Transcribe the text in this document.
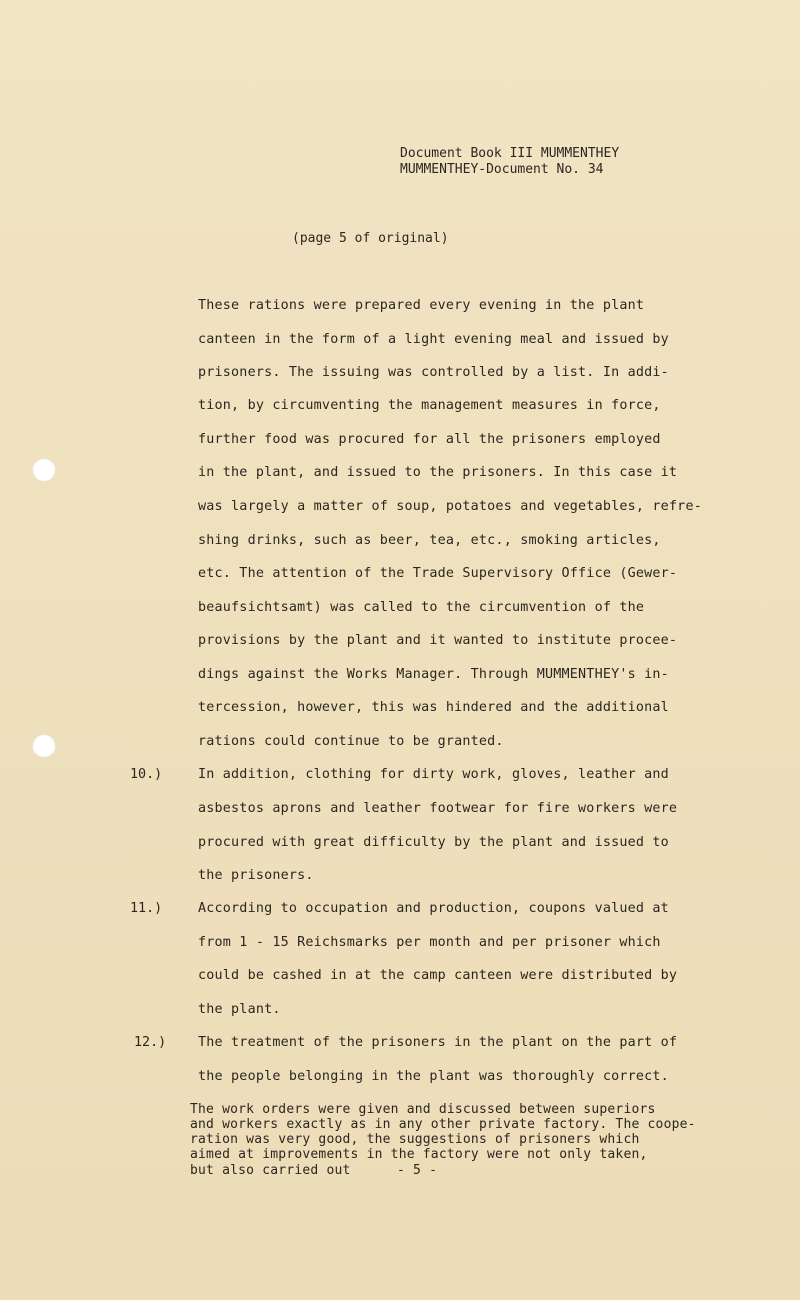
Document Book III MUMMENTHEY
MUMMENTHEY-Document No. 34
(page 5 of original)
These rations were prepared every evening in the plant
canteen in the form of a light evening meal and issued by
prisoners. The issuing was controlled by a list. In addi-
tion, by circumventing the management measures in force,
further food was procured for all the prisoners employed
in the plant, and issued to the prisoners. In this case it
was largely a matter of soup, potatoes and vegetables, refre-
shing drinks, such as beer, tea, etc., smoking articles,
etc. The attention of the Trade Supervisory Office (Gewer-
beaufsichtsamt) was called to the circumvention of the
provisions by the plant and it wanted to institute procee-
dings against the Works Manager. Through MUMMENTHEY's in-
tercession, however, this was hindered and the additional
rations could continue to be granted.
10.)	In addition, clothing for dirty work, gloves, leather and
asbestos aprons and leather footwear for fire workers were
procured with great difficulty by the plant and issued to
the prisoners.
11.)	According to occupation and production, coupons valued at
from 1 - 15 Reichsmarks per month and per prisoner which
could be cashed in at the camp canteen were distributed by
the plant.
12.) The treatment of the prisoners in the plant on the part of
the people belonging in the plant was thoroughly correct.
The work orders were given and discussed between superiors
and workers exactly as in any other private factory. The coope-
ration was very good, the suggestions of prisoners which
aimed at improvements in the factory were not only taken,
but also carried out	- 5 -
